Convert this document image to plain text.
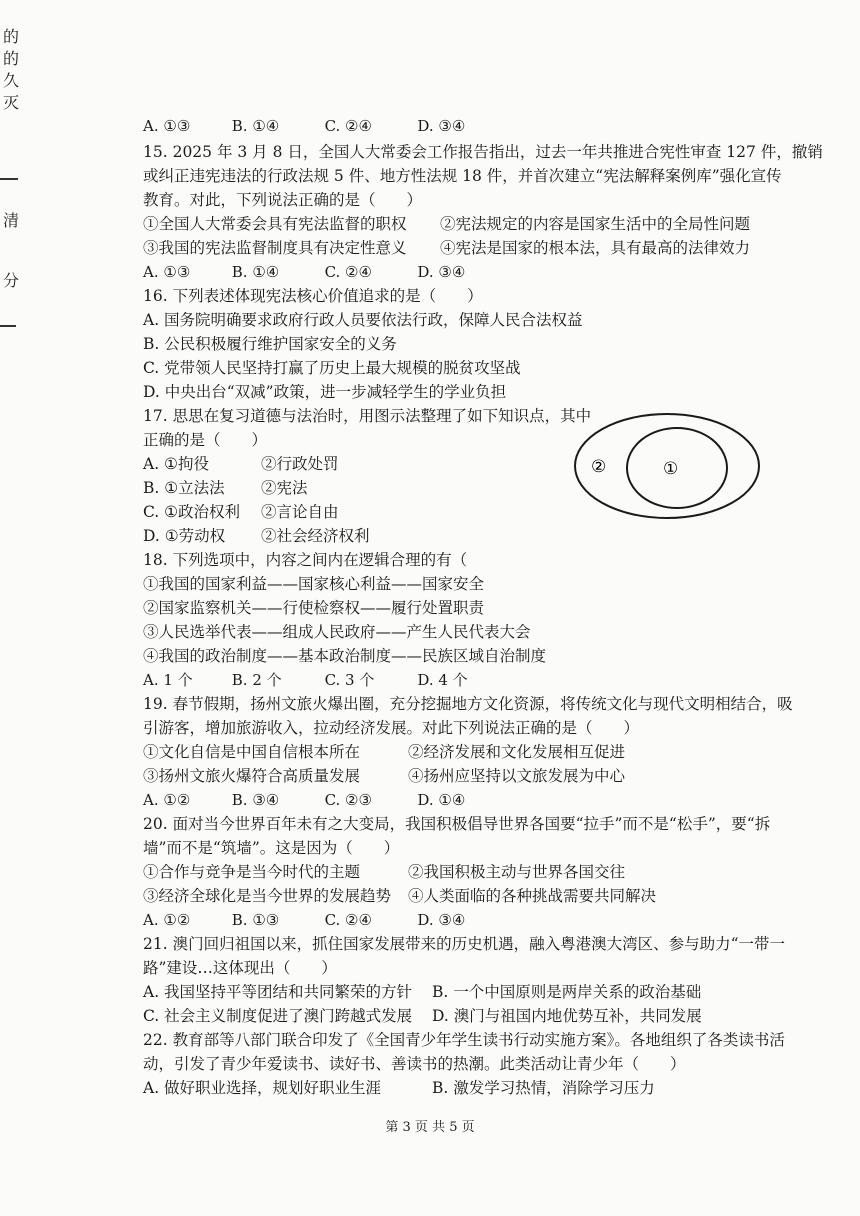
的
的
久
灭
清
分
A. ①③	B. ①④	C. ②④	D. ③④
15. 2025 年 3 月 8 日，全国人大常委会工作报告指出，过去一年共推进合宪性审查 127 件，撤销
或纠正违宪违法的行政法规 5 件、地方性法规 18 件，并首次建立“宪法解释案例库”强化宣传
教育。对此，下列说法正确的是（　　）
①全国人大常委会具有宪法监督的职权 ②宪法规定的内容是国家生活中的全局性问题
③我国的宪法监督制度具有决定性意义 ④宪法是国家的根本法，具有最高的法律效力
A. ①③	B. ①④	C. ②④	D. ③④
16. 下列表述体现宪法核心价值追求的是（　　）
A. 国务院明确要求政府行政人员要依法行政，保障人民合法权益
B. 公民积极履行维护国家安全的义务
C. 党带领人民坚持打赢了历史上最大规模的脱贫攻坚战
D. 中央出台“双减”政策，进一步减轻学生的学业负担
17. 思思在复习道德与法治时，用图示法整理了如下知识点，其中
正确的是（　　）
A. ①拘役	②行政处罚
B. ①立法法 ②宪法
C. ①政治权利 ②言论自由
D. ①劳动权 ②社会经济权利
②	①
18. 下列选项中，内容之间内在逻辑合理的有（
①我国的国家利益——国家核心利益——国家安全
②国家监察机关——行使检察权——履行处置职责
③人民选举代表——组成人民政府——产生人民代表大会
④我国的政治制度——基本政治制度——民族区域自治制度
A. 1 个	B. 2 个	C. 3 个	D. 4 个
19. 春节假期，扬州文旅火爆出圈，充分挖掘地方文化资源，将传统文化与现代文明相结合，吸
引游客，增加旅游收入，拉动经济发展。对此下列说法正确的是（　　）
①文化自信是中国自信根本所在	②经济发展和文化发展相互促进
③扬州文旅火爆符合高质量发展	④扬州应坚持以文旅发展为中心
A. ①②	B. ③④	C. ②③	D. ①④
20. 面对当今世界百年未有之大变局，我国积极倡导世界各国要“拉手”而不是“松手”，要“拆
墙”而不是“筑墙”。这是因为（　　）
①合作与竞争是当今时代的主题	②我国积极主动与世界各国交往
③经济全球化是当今世界的发展趋势 ④人类面临的各种挑战需要共同解决
A. ①②	B. ①③	C. ②④	D. ③④
21. 澳门回归祖国以来，抓住国家发展带来的历史机遇，融入粤港澳大湾区、参与助力“一带一
路”建设…这体现出（　　）
A. 我国坚持平等团结和共同繁荣的方针 B. 一个中国原则是两岸关系的政治基础
C. 社会主义制度促进了澳门跨越式发展 D. 澳门与祖国内地优势互补，共同发展
22. 教育部等八部门联合印发了《全国青少年学生读书行动实施方案》。各地组织了各类读书活
动，引发了青少年爱读书、读好书、善读书的热潮。此类活动让青少年（　　）
A. 做好职业选择，规划好职业生涯	B. 激发学习热情，消除学习压力
第 3 页 共 5 页
